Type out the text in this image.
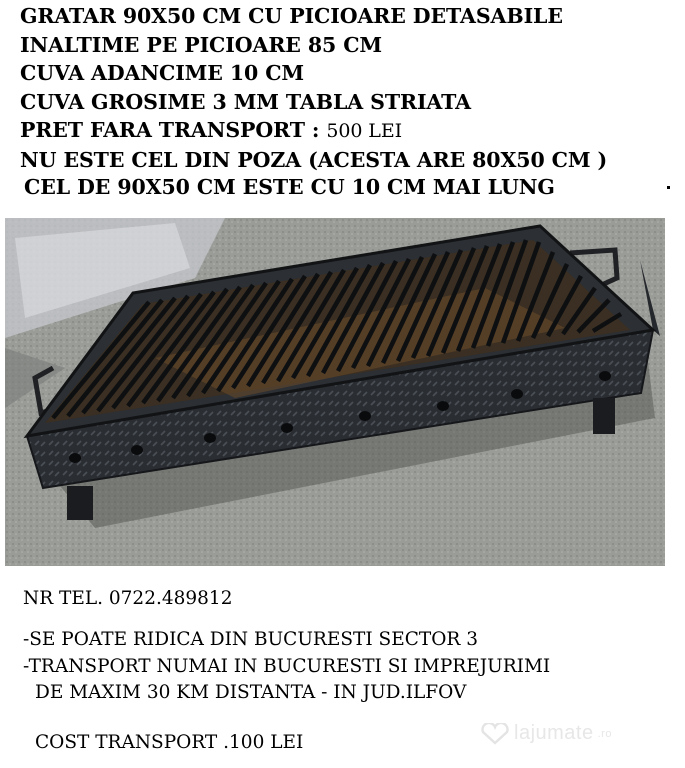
GRATAR 90X50 CM CU PICIOARE DETASABILE
INALTIME PE PICIOARE 85 CM
CUVA ADANCIME 10 CM
CUVA GROSIME 3 MM TABLA STRIATA
PRET FARA TRANSPORT : 500 LEI
NU ESTE CEL DIN POZA (ACESTA ARE 80X50 CM )
CEL DE 90X50 CM ESTE CU 10 CM MAI LUNG
NR TEL. 0722.489812
-SE POATE RIDICA DIN BUCURESTI SECTOR 3
-TRANSPORT NUMAI IN BUCURESTI SI IMPREJURIMI
DE MAXIM 30 KM DISTANTA - IN JUD.ILFOV
COST TRANSPORT .100 LEI	lajumate .ro
